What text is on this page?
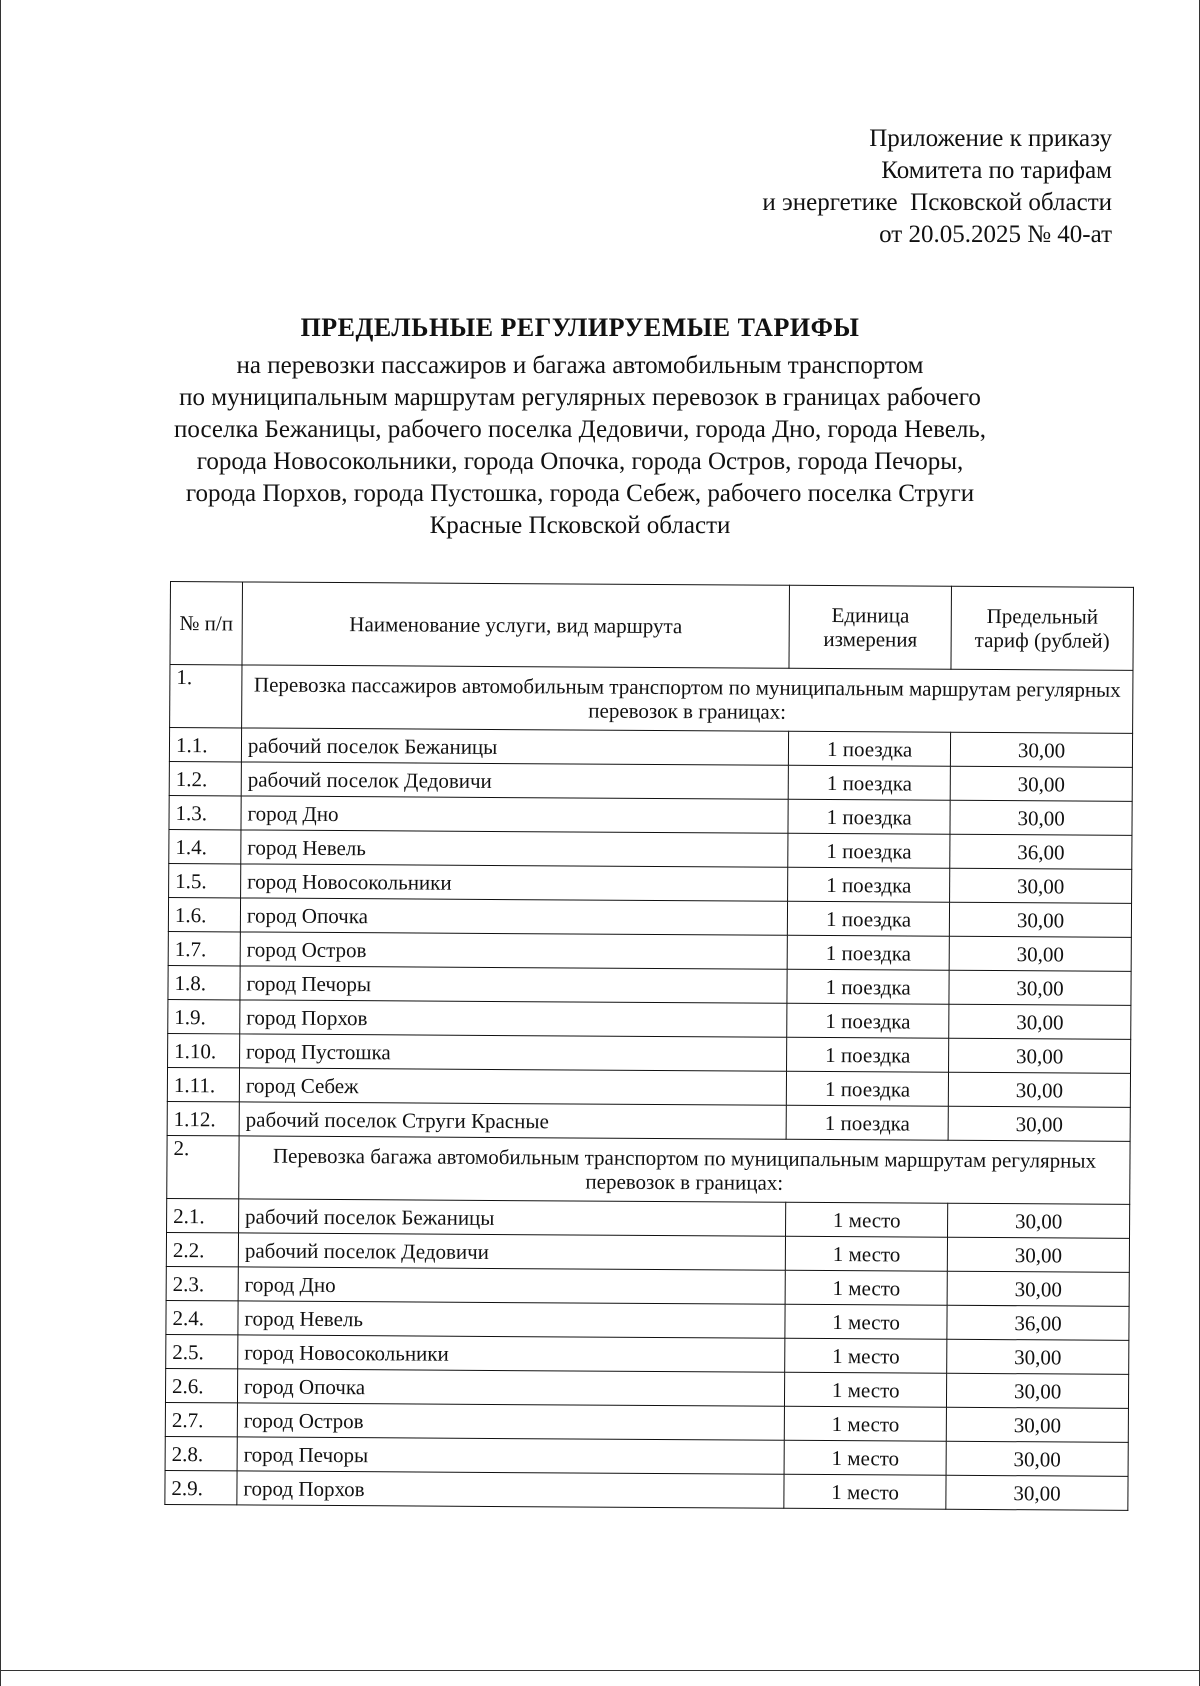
Приложение к приказу
Комитета по тарифам
и энергетике  Псковской области
от 20.05.2025 № 40-ат
ПРЕДЕЛЬНЫЕ РЕГУЛИРУЕМЫЕ ТАРИФЫ
на перевозки пассажиров и багажа автомобильным транспортом
по муниципальным маршрутам регулярных перевозок в границах рабочего
поселка Бежаницы, рабочего поселка Дедовичи, города Дно, города Невель,
города Новосокольники, города Опочка, города Остров, города Печоры,
города Порхов, города Пустошка, города Себеж, рабочего поселка Струги
Красные Псковской области
№ п/п	Наименование услуги, вид маршрута	Единица измерения	Предельный тариф (рублей)
1.	Перевозка пассажиров автомобильным транспортом по муниципальным маршрутам регулярных перевозок в границах:		
1.1.	рабочий поселок Бежаницы	1 поездка	30,00
1.2.	рабочий поселок Дедовичи	1 поездка	30,00
1.3.	город Дно	1 поездка	30,00
1.4.	город Невель	1 поездка	36,00
1.5.	город Новосокольники	1 поездка	30,00
1.6.	город Опочка	1 поездка	30,00
1.7.	город Остров	1 поездка	30,00
1.8.	город Печоры	1 поездка	30,00
1.9.	город Порхов	1 поездка	30,00
1.10.	город Пустошка	1 поездка	30,00
1.11.	город Себеж	1 поездка	30,00
1.12.	рабочий поселок Струги Красные	1 поездка	30,00
2.	Перевозка багажа автомобильным транспортом по муниципальным маршрутам регулярных перевозок в границах:		
2.1.	рабочий поселок Бежаницы	1 место	30,00
2.2.	рабочий поселок Дедовичи	1 место	30,00
2.3.	город Дно	1 место	30,00
2.4.	город Невель	1 место	36,00
2.5.	город Новосокольники	1 место	30,00
2.6.	город Опочка	1 место	30,00
2.7.	город Остров	1 место	30,00
2.8.	город Печоры	1 место	30,00
2.9.	город Порхов	1 место	30,00
